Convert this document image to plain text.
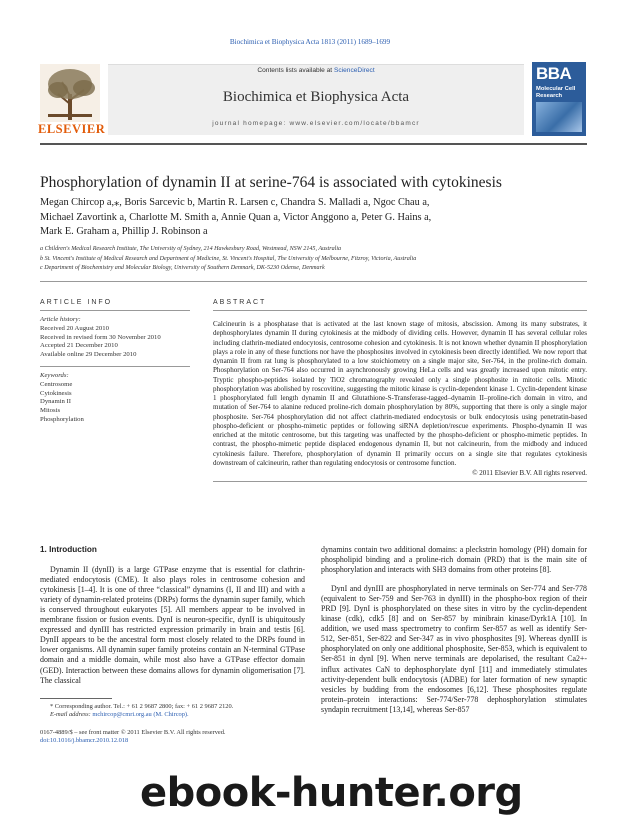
Biochimica et Biophysica Acta 1813 (2011) 1689–1699
ELSEVIER
Contents lists available at ScienceDirect
Biochimica et Biophysica Acta
journal homepage: www.elsevier.com/locate/bbamcr
BBA
Molecular Cell
Research
Phosphorylation of dynamin II at serine-764 is associated with cytokinesis
Megan Chircop a,⁎, Boris Sarcevic b, Martin R. Larsen c, Chandra S. Malladi a, Ngoc Chau a,
Michael Zavortink a, Charlotte M. Smith a, Annie Quan a, Victor Anggono a, Peter G. Hains a,
Mark E. Graham a, Phillip J. Robinson a
a Children's Medical Research Institute, The University of Sydney, 214 Hawkesbury Road, Westmead, NSW 2145, Australia
b St. Vincent's Institute of Medical Research and Department of Medicine, St. Vincent's Hospital, The University of Melbourne, Fitzroy, Victoria, Australia
c Department of Biochemistry and Molecular Biology, University of Southern Denmark, DK-5230 Odense, Denmark
ARTICLE INFO
Article history:
Received 20 August 2010
Received in revised form 30 November 2010
Accepted 21 December 2010
Available online 29 December 2010
Keywords:
Centrosome
Cytokinesis
Dynamin II
Mitosis
Phosphorylation
ABSTRACT
Calcineurin is a phosphatase that is activated at the last known stage of mitosis, abscission. Among its many substrates, it dephosphorylates dynamin II during cytokinesis at the midbody of dividing cells. However, dynamin II has several cellular roles including clathrin-mediated endocytosis, centrosome cohesion and cytokinesis. It is not known whether dynamin II phosphorylation plays a role in any of these functions nor have the phosphosites involved in cytokinesis been directly identified. We now report that dynamin II from rat lung is phosphorylated to a low stoichiometry on a single major site, Ser-764, in the proline-rich domain. Phosphorylation on Ser-764 also occurred in asynchronously growing HeLa cells and was greatly increased upon mitotic entry. Tryptic phospho-peptides isolated by TiO2 chromatography revealed only a single phosphosite in mitotic cells. Mitotic phosphorylation was abolished by roscovitine, suggesting the mitotic kinase is cyclin-dependent kinase 1. Cyclin-dependent kinase 1 phosphorylated full length dynamin II and Glutathione-S-Transferase-tagged–dynamin II–proline-rich domain in vitro, and mutation of Ser-764 to alanine reduced proline-rich domain phosphorylation by 80%, supporting that there is only a single major phosphosite. Ser-764 phosphorylation did not affect clathrin-mediated endocytosis or bulk endocytosis using penetratin-based phospho-deficient or phospho-mimetic peptides or following siRNA depletion/rescue experiments. Phospho-dynamin II was enriched at the mitotic centrosome, but this targeting was unaffected by the phospho-deficient or phospho-mimetic peptides. In contrast, the phospho-mimetic peptide displaced endogenous dynamin II, but not calcineurin, from the midbody and induced cytokinesis failure. Therefore, phosphorylation of dynamin II primarily occurs on a single site that regulates cytokinesis downstream of calcineurin, rather than regulating endocytosis or centrosome function.
© 2011 Elsevier B.V. All rights reserved.
1. Introduction

Dynamin II (dynII) is a large GTPase enzyme that is essential for clathrin-mediated endocytosis (CME). It also plays roles in centrosome cohesion and cytokinesis [1–4]. It is one of three “classical” dynamins (I, II and III) and with a variety of dynamin-related proteins (DRPs) forms the dynamin super family, which is conserved throughout eukaryotes [5]. All members appear to be involved in membrane fission or fusion events. DynI is neuron-specific, dynII is ubiquitously expressed and dynIII has restricted expression primarily in brain and testis [6]. DynII appears to be the ancestral form most closely related to the DRPs found in lower organisms. All dynamin super family proteins contain an N-terminal GTPase domain and a middle domain, while most also have a GTPase effector domain (GED). Interaction between these domains allows for dynamin oligomerisation [7]. The classical

* Corresponding author. Tel.: + 61 2 9687 2800; fax: + 61 2 9687 2120.
E-mail address: mchircop@cmri.org.au (M. Chircop).
0167-4889/$ – see front matter © 2011 Elsevier B.V. All rights reserved.
doi:10.1016/j.bbamcr.2010.12.018

dynamins contain two additional domains: a pleckstrin homology (PH) domain for phospholipid binding and a proline-rich domain (PRD) that is the main site of phosphorylation and interacts with SH3 domains from other proteins [8].

DynI and dynIII are phosphorylated in nerve terminals on Ser-774 and Ser-778 (equivalent to Ser-759 and Ser-763 in dynIII) in the phospho-box region of their PRD [9]. DynI is phosphorylated on these sites in vitro by the cyclin-dependent kinase (cdk), cdk5 [8] and on Ser-857 by minibrain kinase/Dyrk1A [10]. In addition, we used mass spectrometry to confirm Ser-857 as well as identify Ser-512, Ser-851, Ser-822 and Ser-347 as in vivo phosphosites [9]. Whereas dynIII is phosphorylated on only one additional phosphosite, Ser-853, which is equivalent to Ser-851 in dynI [9]. When nerve terminals are depolarised, the resultant Ca2+-influx activates CaN to dephosphorylate dynI [11] and immediately stimulates activity-dependent bulk endocytosis (ADBE) for later formation of new synaptic vesicles by budding from the endosomes [6,12]. These phosphosites regulate protein–protein interactions: Ser-774/Ser-778 dephosphorylation stimulates syndapin recruitment [13,14], whereas Ser-857

ebook-hunter.org
